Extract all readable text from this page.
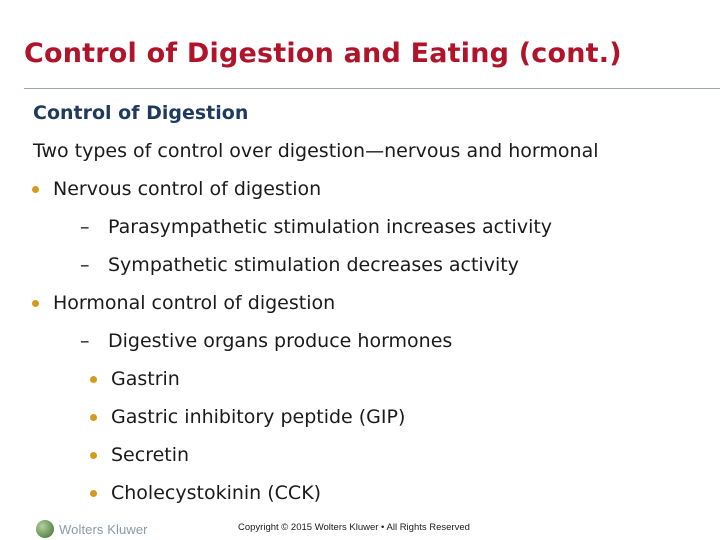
Control of Digestion and Eating (cont.)
Control of Digestion
Two types of control over digestion—nervous and hormonal
Nervous control of digestion
– Parasympathetic stimulation increases activity
– Sympathetic stimulation decreases activity
Hormonal control of digestion
– Digestive organs produce hormones
Gastrin
Gastric inhibitory peptide (GIP)
Secretin
Cholecystokinin (CCK)
Wolters Kluwer	Copyright © 2015 Wolters Kluwer • All Rights Reserved
